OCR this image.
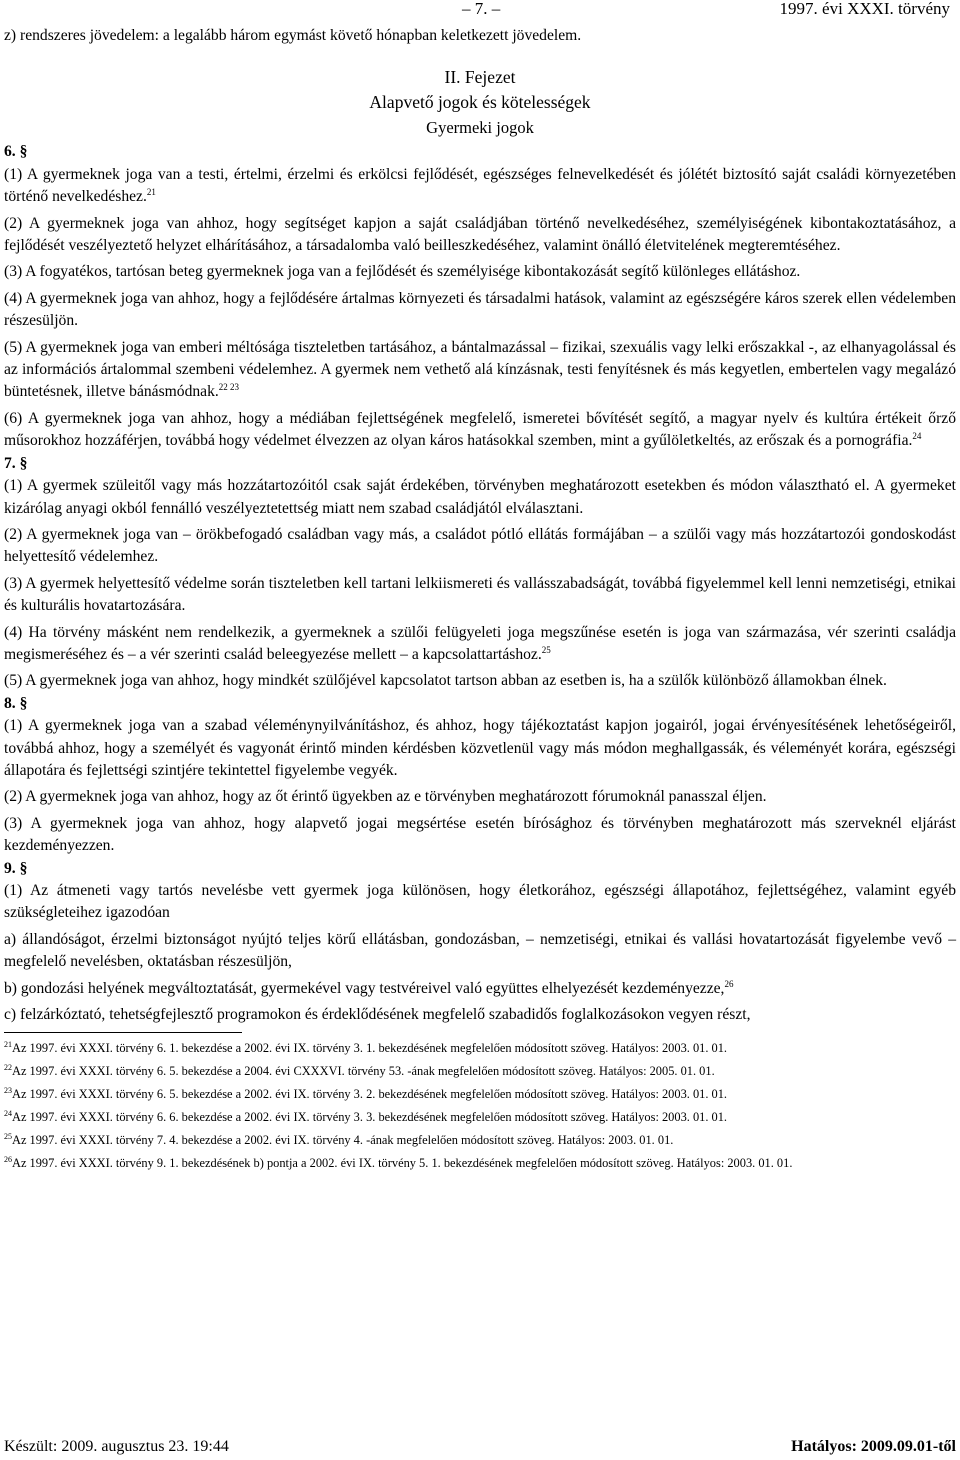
– 7. –	1997. évi XXXI. törvény

z) rendszeres jövedelem: a legalább három egymást követő hónapban keletkezett jövedelem.

II. Fejezet

Alapvető jogok és kötelességek

Gyermeki jogok

6. §

(1) A gyermeknek joga van a testi, értelmi, érzelmi és erkölcsi fejlődését, egészséges felnevelkedését és jólétét biztosító saját családi környezetében történő nevelkedéshez.$^{21}$

(2) A gyermeknek joga van ahhoz, hogy segítséget kapjon a saját családjában történő nevelkedéséhez, személyiségének kibontakoztatásához, a fejlődését veszélyeztető helyzet elhárításához, a társadalomba való beilleszkedéséhez, valamint önálló életvitelének megteremtéséhez.

(3) A fogyatékos, tartósan beteg gyermeknek joga van a fejlődését és személyisége kibontakozását segítő különleges ellátáshoz.

(4) A gyermeknek joga van ahhoz, hogy a fejlődésére ártalmas környezeti és társadalmi hatások, valamint az egészségére káros szerek ellen védelemben részesüljön.

(5) A gyermeknek joga van emberi méltósága tiszteletben tartásához, a bántalmazással – fizikai, szexuális vagy lelki erőszakkal -, az elhanyagolással és az információs ártalommal szembeni védelemhez. A gyermek nem vethető alá kínzásnak, testi fenyítésnek és más kegyetlen, embertelen vagy megalázó büntetésnek, illetve bánásmódnak.$^{22 23}$

(6) A gyermeknek joga van ahhoz, hogy a médiában fejlettségének megfelelő, ismeretei bővítését segítő, a magyar nyelv és kultúra értékeit őrző műsorokhoz hozzáférjen, továbbá hogy védelmet élvezzen az olyan káros hatásokkal szemben, mint a gyűlöletkeltés, az erőszak és a pornográfia.$^{24}$

7. §

(1) A gyermek szüleitől vagy más hozzátartozóitól csak saját érdekében, törvényben meghatározott esetekben és módon választható el. A gyermeket kizárólag anyagi okból fennálló veszélyeztetettség miatt nem szabad családjától elválasztani.

(2) A gyermeknek joga van – örökbefogadó családban vagy más, a családot pótló ellátás formájában – a szülői vagy más hozzátartozói gondoskodást helyettesítő védelemhez.

(3) A gyermek helyettesítő védelme során tiszteletben kell tartani lelkiismereti és vallásszabadságát, továbbá figyelemmel kell lenni nemzetiségi, etnikai és kulturális hovatartozására.

(4) Ha törvény másként nem rendelkezik, a gyermeknek a szülői felügyeleti joga megszűnése esetén is joga van származása, vér szerinti családja megismeréséhez és – a vér szerinti család beleegyezése mellett – a kapcsolattartáshoz.$^{25}$

(5) A gyermeknek joga van ahhoz, hogy mindkét szülőjével kapcsolatot tartson abban az esetben is, ha a szülők különböző államokban élnek.

8. §

(1) A gyermeknek joga van a szabad véleménynyilvánításhoz, és ahhoz, hogy tájékoztatást kapjon jogairól, jogai érvényesítésének lehetőségeiről, továbbá ahhoz, hogy a személyét és vagyonát érintő minden kérdésben közvetlenül vagy más módon meghallgassák, és véleményét korára, egészségi állapotára és fejlettségi szintjére tekintettel figyelembe vegyék.

(2) A gyermeknek joga van ahhoz, hogy az őt érintő ügyekben az e törvényben meghatározott fórumoknál panasszal éljen.

(3) A gyermeknek joga van ahhoz, hogy alapvető jogai megsértése esetén bírósághoz és törvényben meghatározott más szerveknél eljárást kezdeményezzen.

9. §

(1) Az átmeneti vagy tartós nevelésbe vett gyermek joga különösen, hogy életkorához, egészségi állapotához, fejlettségéhez, valamint egyéb szükségleteihez igazodóan

a) állandóságot, érzelmi biztonságot nyújtó teljes körű ellátásban, gondozásban, – nemzetiségi, etnikai és vallási hovatartozását figyelembe vevő – megfelelő nevelésben, oktatásban részesüljön,

b) gondozási helyének megváltoztatását, gyermekével vagy testvéreivel való együttes elhelyezését kezdeményezze,$^{26}$

c) felzárkóztató, tehetségfejlesztő programokon és érdeklődésének megfelelő szabadidős foglalkozásokon vegyen részt,

$^{21}$Az 1997. évi XXXI. törvény 6. 1. bekezdése a 2002. évi IX. törvény 3. 1. bekezdésének megfelelően módosított szöveg. Hatályos: 2003. 01. 01.

$^{22}$Az 1997. évi XXXI. törvény 6. 5. bekezdése a 2004. évi CXXXVI. törvény 53. -ának megfelelően módosított szöveg. Hatályos: 2005. 01. 01.

$^{23}$Az 1997. évi XXXI. törvény 6. 5. bekezdése a 2002. évi IX. törvény 3. 2. bekezdésének megfelelően módosított szöveg. Hatályos: 2003. 01. 01.

$^{24}$Az 1997. évi XXXI. törvény 6. 6. bekezdése a 2002. évi IX. törvény 3. 3. bekezdésének megfelelően módosított szöveg. Hatályos: 2003. 01. 01.

$^{25}$Az 1997. évi XXXI. törvény 7. 4. bekezdése a 2002. évi IX. törvény 4. -ának megfelelően módosított szöveg. Hatályos: 2003. 01. 01.

$^{26}$Az 1997. évi XXXI. törvény 9. 1. bekezdésének b) pontja a 2002. évi IX. törvény 5. 1. bekezdésének megfelelően módosított szöveg. Hatályos: 2003. 01. 01.

Készült: 2009. augusztus 23. 19:44	Hatályos: 2009.09.01-től
